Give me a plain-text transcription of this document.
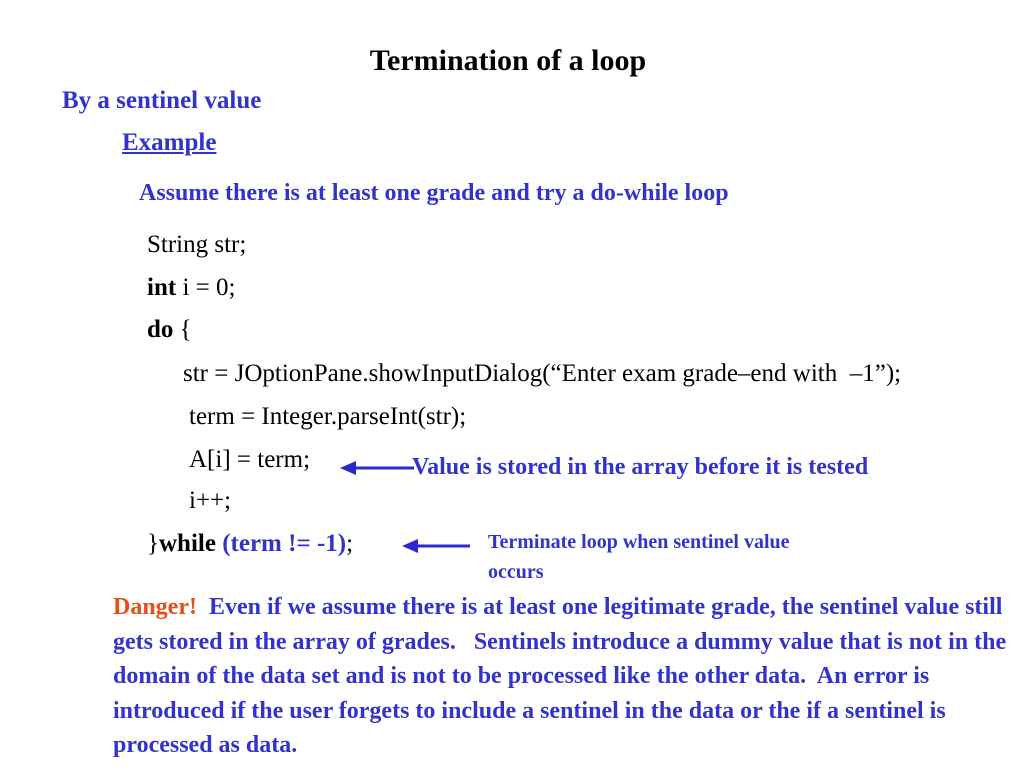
Termination of a loop
By a sentinel value
Example
Assume there is at least one grade and try a do-while loop
String str;
int i = 0;
do {
str = JOptionPane.showInputDialog(“Enter exam grade–end with  –1”);
term = Integer.parseInt(str);
A[i] = term;
i++;
}while (term != -1);
Value is stored in the array before it is tested
Terminate loop when sentinel value
occurs
Danger!  Even if we assume there is at least one legitimate grade, the sentinel value still gets stored in the array of grades.   Sentinels introduce a dummy value that is not in the domain of the data set and is not to be processed like the other data.  An error is introduced if the user forgets to include a sentinel in the data or the if a sentinel is processed as data.
